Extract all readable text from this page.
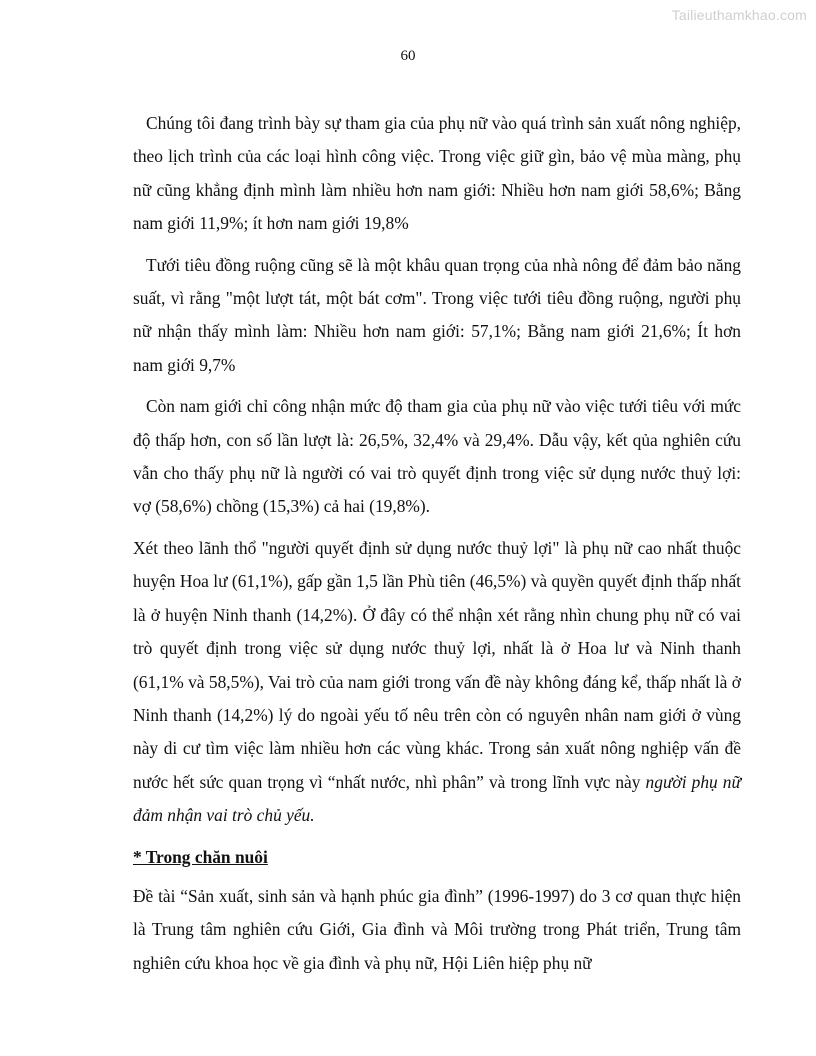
Tailieuthamkhao.com
60

Chúng tôi đang trình bày sự tham gia của phụ nữ vào quá trình sản xuất nông nghiệp, theo lịch trình của các loại hình công việc. Trong việc giữ gìn, bảo vệ mùa màng, phụ nữ cũng khẳng định mình làm nhiều hơn nam giới: Nhiều hơn nam giới 58,6%; Bằng nam giới 11,9%; ít hơn nam giới 19,8%

Tưới tiêu đồng ruộng cũng sẽ là một khâu quan trọng của nhà nông để đảm bảo năng suất, vì rằng "một lượt tát, một bát cơm". Trong việc tưới tiêu đồng ruộng, người phụ nữ nhận thấy mình làm: Nhiều hơn nam giới: 57,1%; Bằng nam giới 21,6%; Ít hơn nam giới 9,7%

Còn nam giới chỉ công nhận mức độ tham gia của phụ nữ vào việc tưới tiêu với mức độ thấp hơn, con số lần lượt là: 26,5%, 32,4% và 29,4%. Dẫu vậy, kết qủa nghiên cứu vẫn cho thấy phụ nữ là người có vai trò quyết định trong việc sử dụng nước thuỷ lợi: vợ (58,6%) chồng (15,3%) cả hai (19,8%).

Xét theo lãnh thổ "người quyết định sử dụng nước thuỷ lợi" là phụ nữ cao nhất thuộc huyện Hoa lư (61,1%), gấp gần 1,5 lần Phù tiên (46,5%) và quyền quyết định thấp nhất là ở huyện Ninh thanh (14,2%). Ở đây có thể nhận xét rằng nhìn chung phụ nữ có vai trò quyết định trong việc sử dụng nước thuỷ lợi, nhất là ở Hoa lư và Ninh thanh (61,1% và 58,5%), Vai trò của nam giới trong vấn đề này không đáng kể, thấp nhất là ở Ninh thanh (14,2%) lý do ngoài yếu tố nêu trên còn có nguyên nhân nam giới ở vùng này di cư tìm việc làm nhiều hơn các vùng khác. Trong sản xuất nông nghiệp vấn đề nước hết sức quan trọng vì “nhất nước, nhì phân” và trong lĩnh vực này người phụ nữ đảm nhận vai trò chủ yếu.

* Trong chăn nuôi

Đề tài “Sản xuất, sinh sản và hạnh phúc gia đình” (1996-1997) do 3 cơ quan thực hiện là Trung tâm nghiên cứu Giới, Gia đình và Môi trường trong Phát triển, Trung tâm nghiên cứu khoa học về gia đình và phụ nữ, Hội Liên hiệp phụ nữ
